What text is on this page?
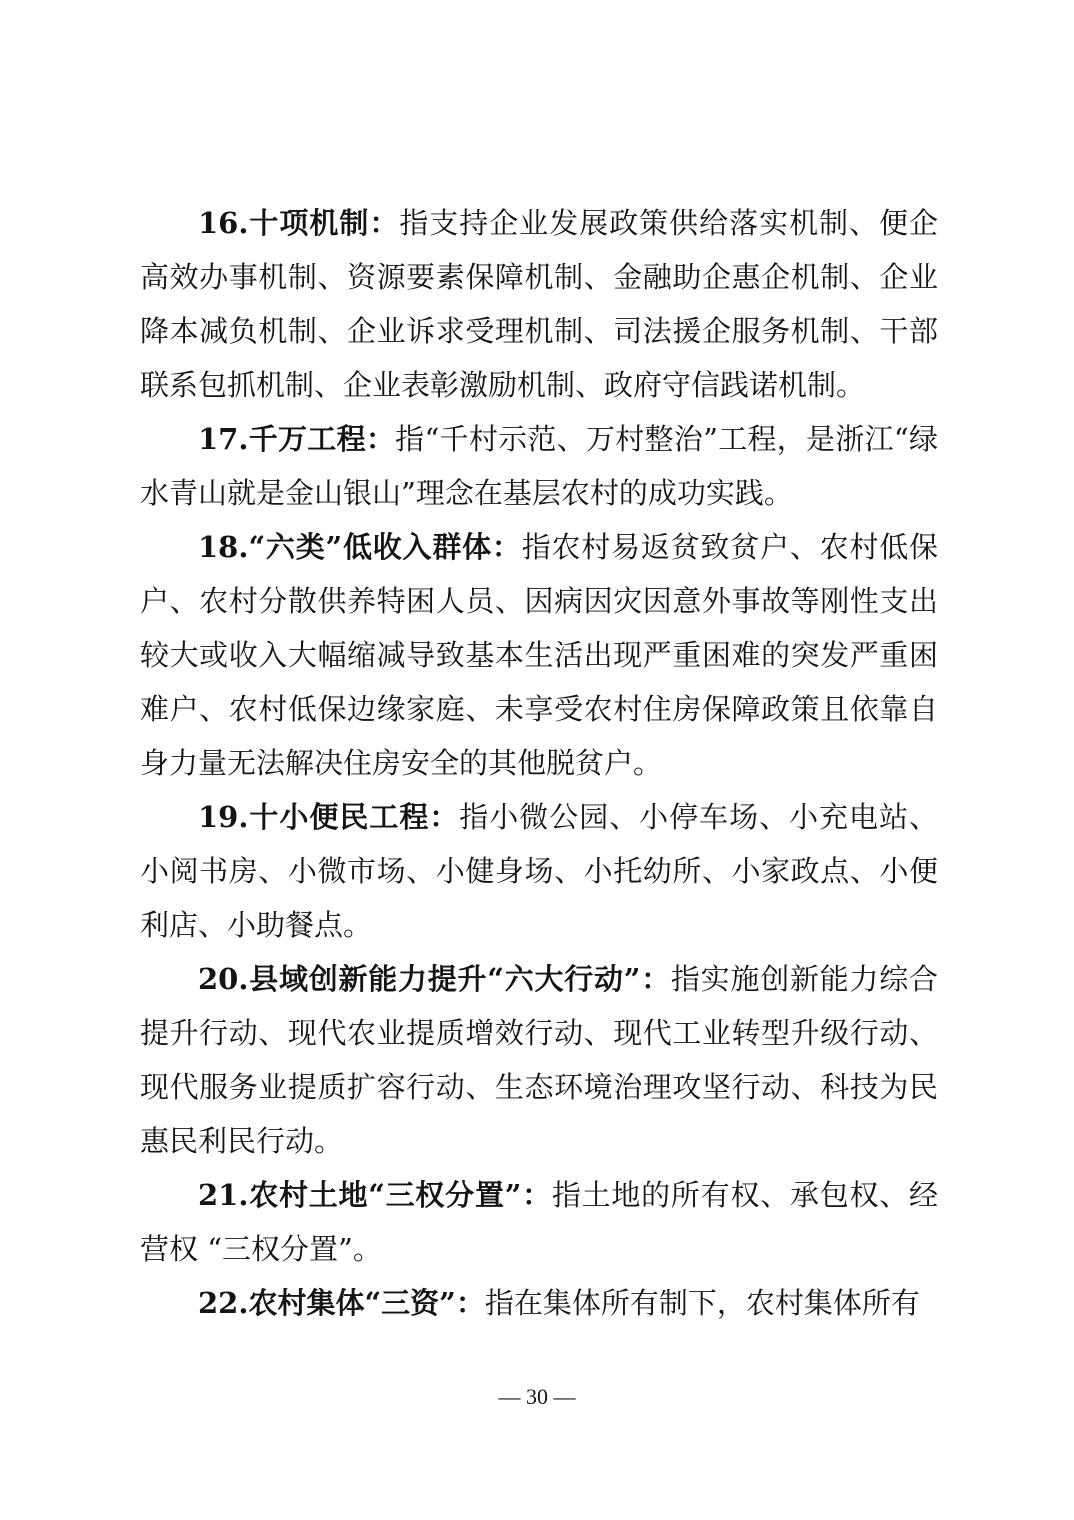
16.十项机制：指支持企业发展政策供给落实机制、便企高效办事机制、资源要素保障机制、金融助企惠企机制、企业降本减负机制、企业诉求受理机制、司法援企服务机制、干部联系包抓机制、企业表彰激励机制、政府守信践诺机制。

17.千万工程：指“千村示范、万村整治”工程，是浙江“绿水青山就是金山银山”理念在基层农村的成功实践。

18.“六类”低收入群体：指农村易返贫致贫户、农村低保户、农村分散供养特困人员、因病因灾因意外事故等刚性支出较大或收入大幅缩减导致基本生活出现严重困难的突发严重困难户、农村低保边缘家庭、未享受农村住房保障政策且依靠自身力量无法解决住房安全的其他脱贫户。

19.十小便民工程：指小微公园、小停车场、小充电站、小阅书房、小微市场、小健身场、小托幼所、小家政点、小便利店、小助餐点。

20.县域创新能力提升“六大行动”：指实施创新能力综合提升行动、现代农业提质增效行动、现代工业转型升级行动、现代服务业提质扩容行动、生态环境治理攻坚行动、科技为民惠民利民行动。

21.农村土地“三权分置”：指土地的所有权、承包权、经营权 “三权分置”。

22.农村集体“三资”：指在集体所有制下，农村集体所有

— 30 —
